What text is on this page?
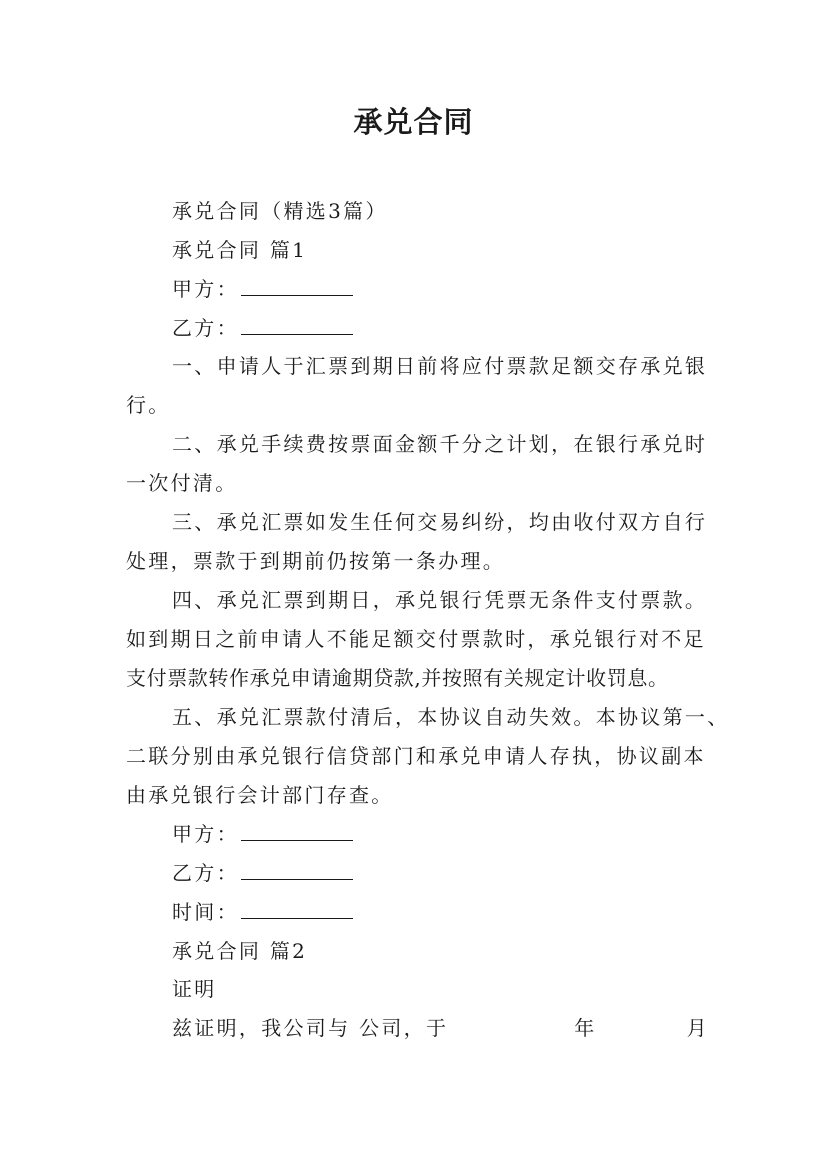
承兑合同
承兑合同（精选3篇）
承兑合同 篇1
甲方：
乙方：
一、申请人于汇票到期日前将应付票款足额交存承兑银
行。
二、承兑手续费按票面金额千分之计划，在银行承兑时
一次付清。
三、承兑汇票如发生任何交易纠纷，均由收付双方自行
处理，票款于到期前仍按第一条办理。
四、承兑汇票到期日，承兑银行凭票无条件支付票款。
如到期日之前申请人不能足额交付票款时，承兑银行对不足
支付票款转作承兑申请逾期贷款,并按照有关规定计收罚息。
五、承兑汇票款付清后，本协议自动失效。本协议第一、
二联分别由承兑银行信贷部门和承兑申请人存执，协议副本
由承兑银行会计部门存查。
甲方：
乙方：
时间：
承兑合同 篇2
证明
兹证明，我公司与 公司，于	年	月
